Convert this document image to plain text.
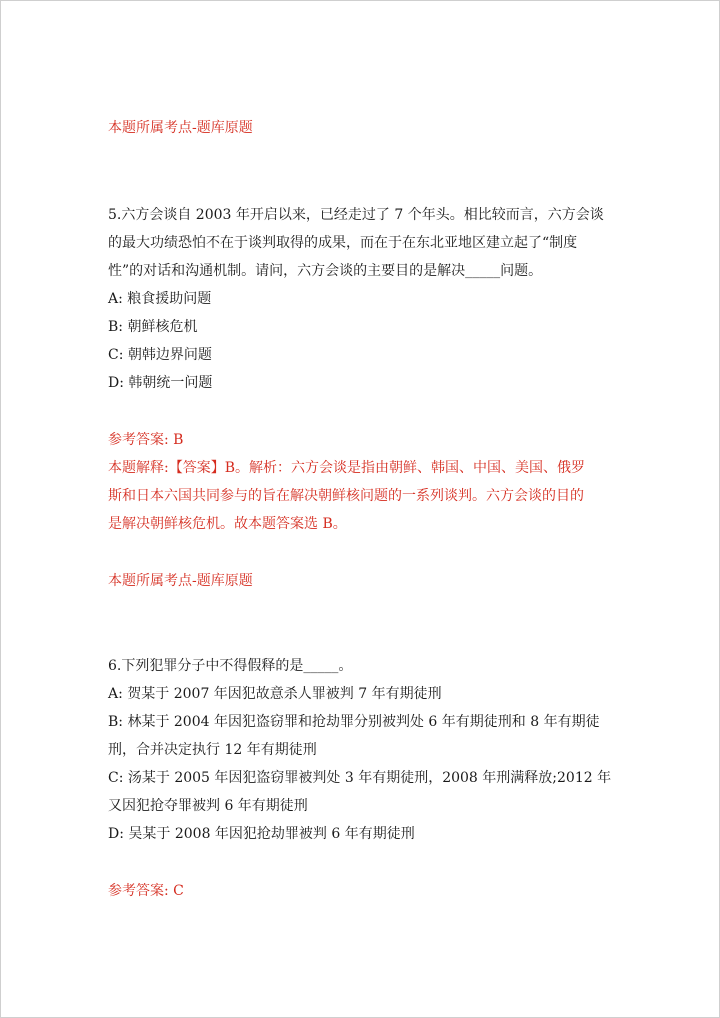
本题所属考点-题库原题
5.六方会谈自 2003 年开启以来，已经走过了 7 个年头。相比较而言，六方会谈
的最大功绩恐怕不在于谈判取得的成果，而在于在东北亚地区建立起了“制度
性”的对话和沟通机制。请问，六方会谈的主要目的是解决_____问题。
A: 粮食援助问题
B: 朝鲜核危机
C: 朝韩边界问题
D: 韩朝统一问题
参考答案: B
本题解释:【答案】B。解析：六方会谈是指由朝鲜、韩国、中国、美国、俄罗
斯和日本六国共同参与的旨在解决朝鲜核问题的一系列谈判。六方会谈的目的
是解决朝鲜核危机。故本题答案选 B。
本题所属考点-题库原题
6.下列犯罪分子中不得假释的是_____。
A: 贺某于 2007 年因犯故意杀人罪被判 7 年有期徒刑
B: 林某于 2004 年因犯盗窃罪和抢劫罪分别被判处 6 年有期徒刑和 8 年有期徒
刑，合并决定执行 12 年有期徒刑
C: 汤某于 2005 年因犯盗窃罪被判处 3 年有期徒刑，2008 年刑满释放;2012 年
又因犯抢夺罪被判 6 年有期徒刑
D: 吴某于 2008 年因犯抢劫罪被判 6 年有期徒刑
参考答案: C
